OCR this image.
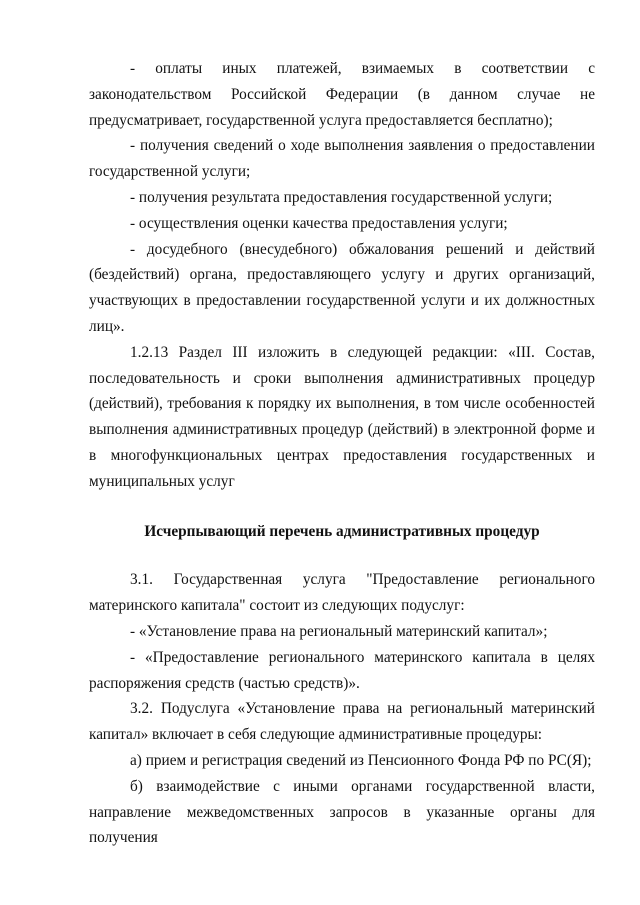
- оплаты иных платежей, взимаемых в соответствии с законодательством Российской Федерации (в данном случае не предусматривает, государственной услуга предоставляется бесплатно);

- получения сведений о ходе выполнения заявления о предоставлении государственной услуги;

- получения результата предоставления государственной услуги;

- осуществления оценки качества предоставления услуги;

- досудебного (внесудебного) обжалования решений и действий (бездействий) органа, предоставляющего услугу и других организаций, участвующих в предоставлении государственной услуги и их должностных лиц».

1.2.13 Раздел III изложить в следующей редакции: «III. Состав, последовательность и сроки выполнения административных процедур (действий), требования к порядку их выполнения, в том числе особенностей выполнения административных процедур (действий) в электронной форме и в многофункциональных центрах предоставления государственных и муниципальных услуг

Исчерпывающий перечень административных процедур

3.1. Государственная услуга "Предоставление регионального материнского капитала" состоит из следующих подуслуг:

- «Установление права на региональный материнский капитал»;

- «Предоставление регионального материнского капитала в целях распоряжения средств (частью средств)».

3.2. Подуслуга «Установление права на региональный материнский капитал» включает в себя следующие административные процедуры:

а) прием и регистрация сведений из Пенсионного Фонда РФ по РС(Я);

б) взаимодействие с иными органами государственной власти, направление межведомственных запросов в указанные органы для получения
